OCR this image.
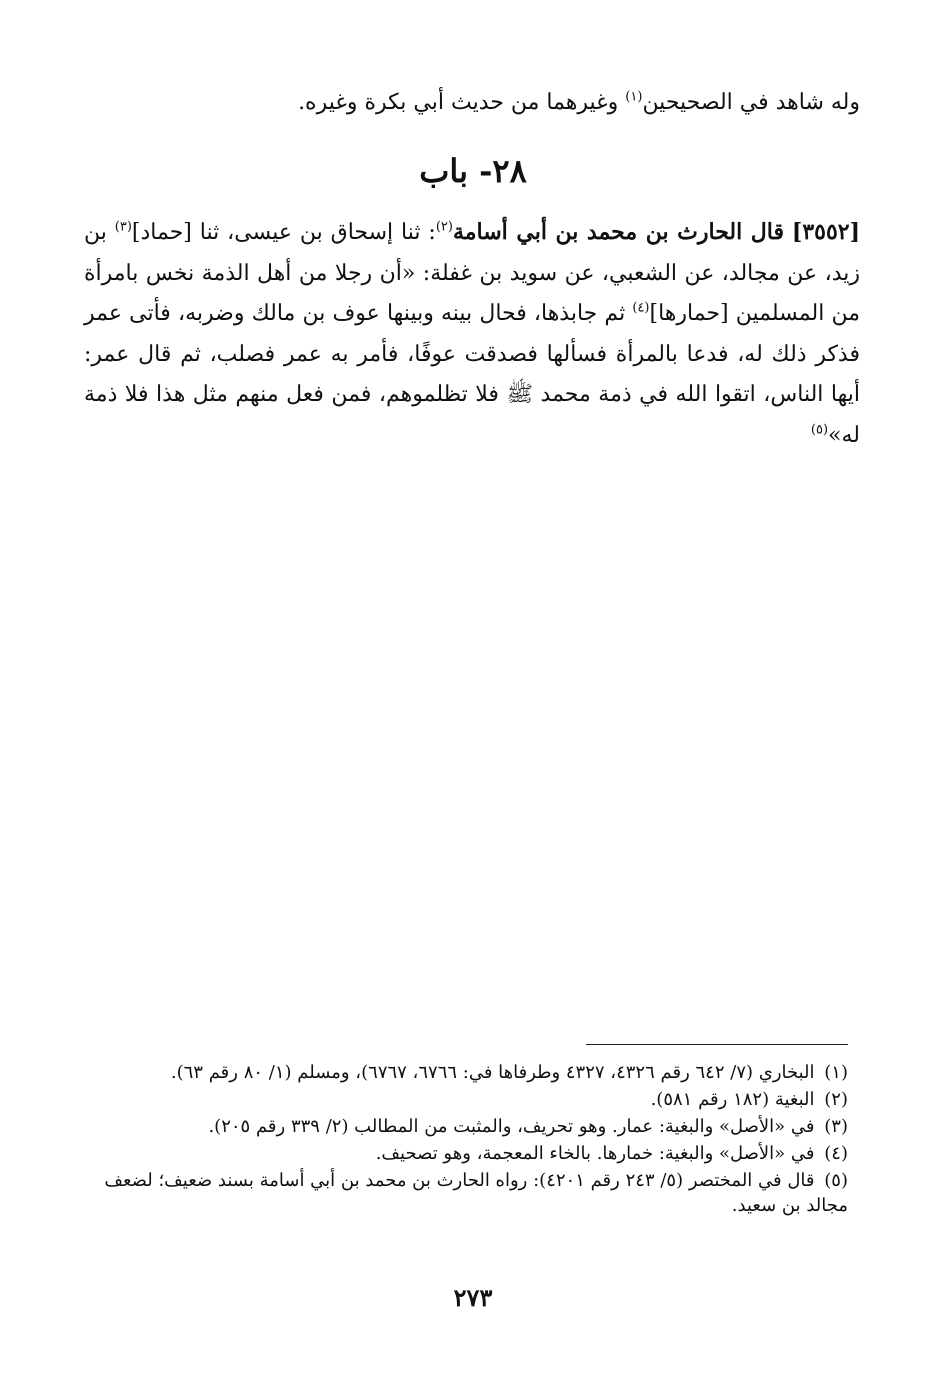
وله شاهد في الصحيحين$^{(١)}$ وغيرهما من حديث أبي بكرة وغيره.

٢٨- باب

[٣٥٥٢] قال الحارث بن محمد بن أبي أسامة$^{(٢)}$: ثنا إسحاق بن عيسى، ثنا [حماد]$^{(٣)}$ بن زيد، عن مجالد، عن الشعبي، عن سويد بن غفلة: «أن رجلا من أهل الذمة نخس بامرأة من المسلمين [حمارها]$^{(٤)}$ ثم جابذها، فحال بينه وبينها عوف بن مالك وضربه، فأتى عمر فذكر ذلك له، فدعا بالمرأة فسألها فصدقت عوفًا، فأمر به عمر فصلب، ثم قال عمر: أيها الناس، اتقوا الله في ذمة محمد ﷺ فلا تظلموهم، فمن فعل منهم مثل هذا فلا ذمة له»$^{(٥)}$

(١) البخاري (٧/ ٦٤٢ رقم ٤٣٢٦، ٤٣٢٧ وطرفاها في: ٦٧٦٦، ٦٧٦٧)، ومسلم (١/ ٨٠ رقم ٦٣).

(٢) البغية (١٨٢ رقم ٥٨١).

(٣) في «الأصل» والبغية: عمار. وهو تحريف، والمثبت من المطالب (٢/ ٣٣٩ رقم ٢٠٥).

(٤) في «الأصل» والبغية: خمارها. بالخاء المعجمة، وهو تصحيف.

(٥) قال في المختصر (٥/ ٢٤٣ رقم ٤٢٠١): رواه الحارث بن محمد بن أبي أسامة بسند ضعيف؛ لضعف مجالد بن سعيد.

٢٧٣
